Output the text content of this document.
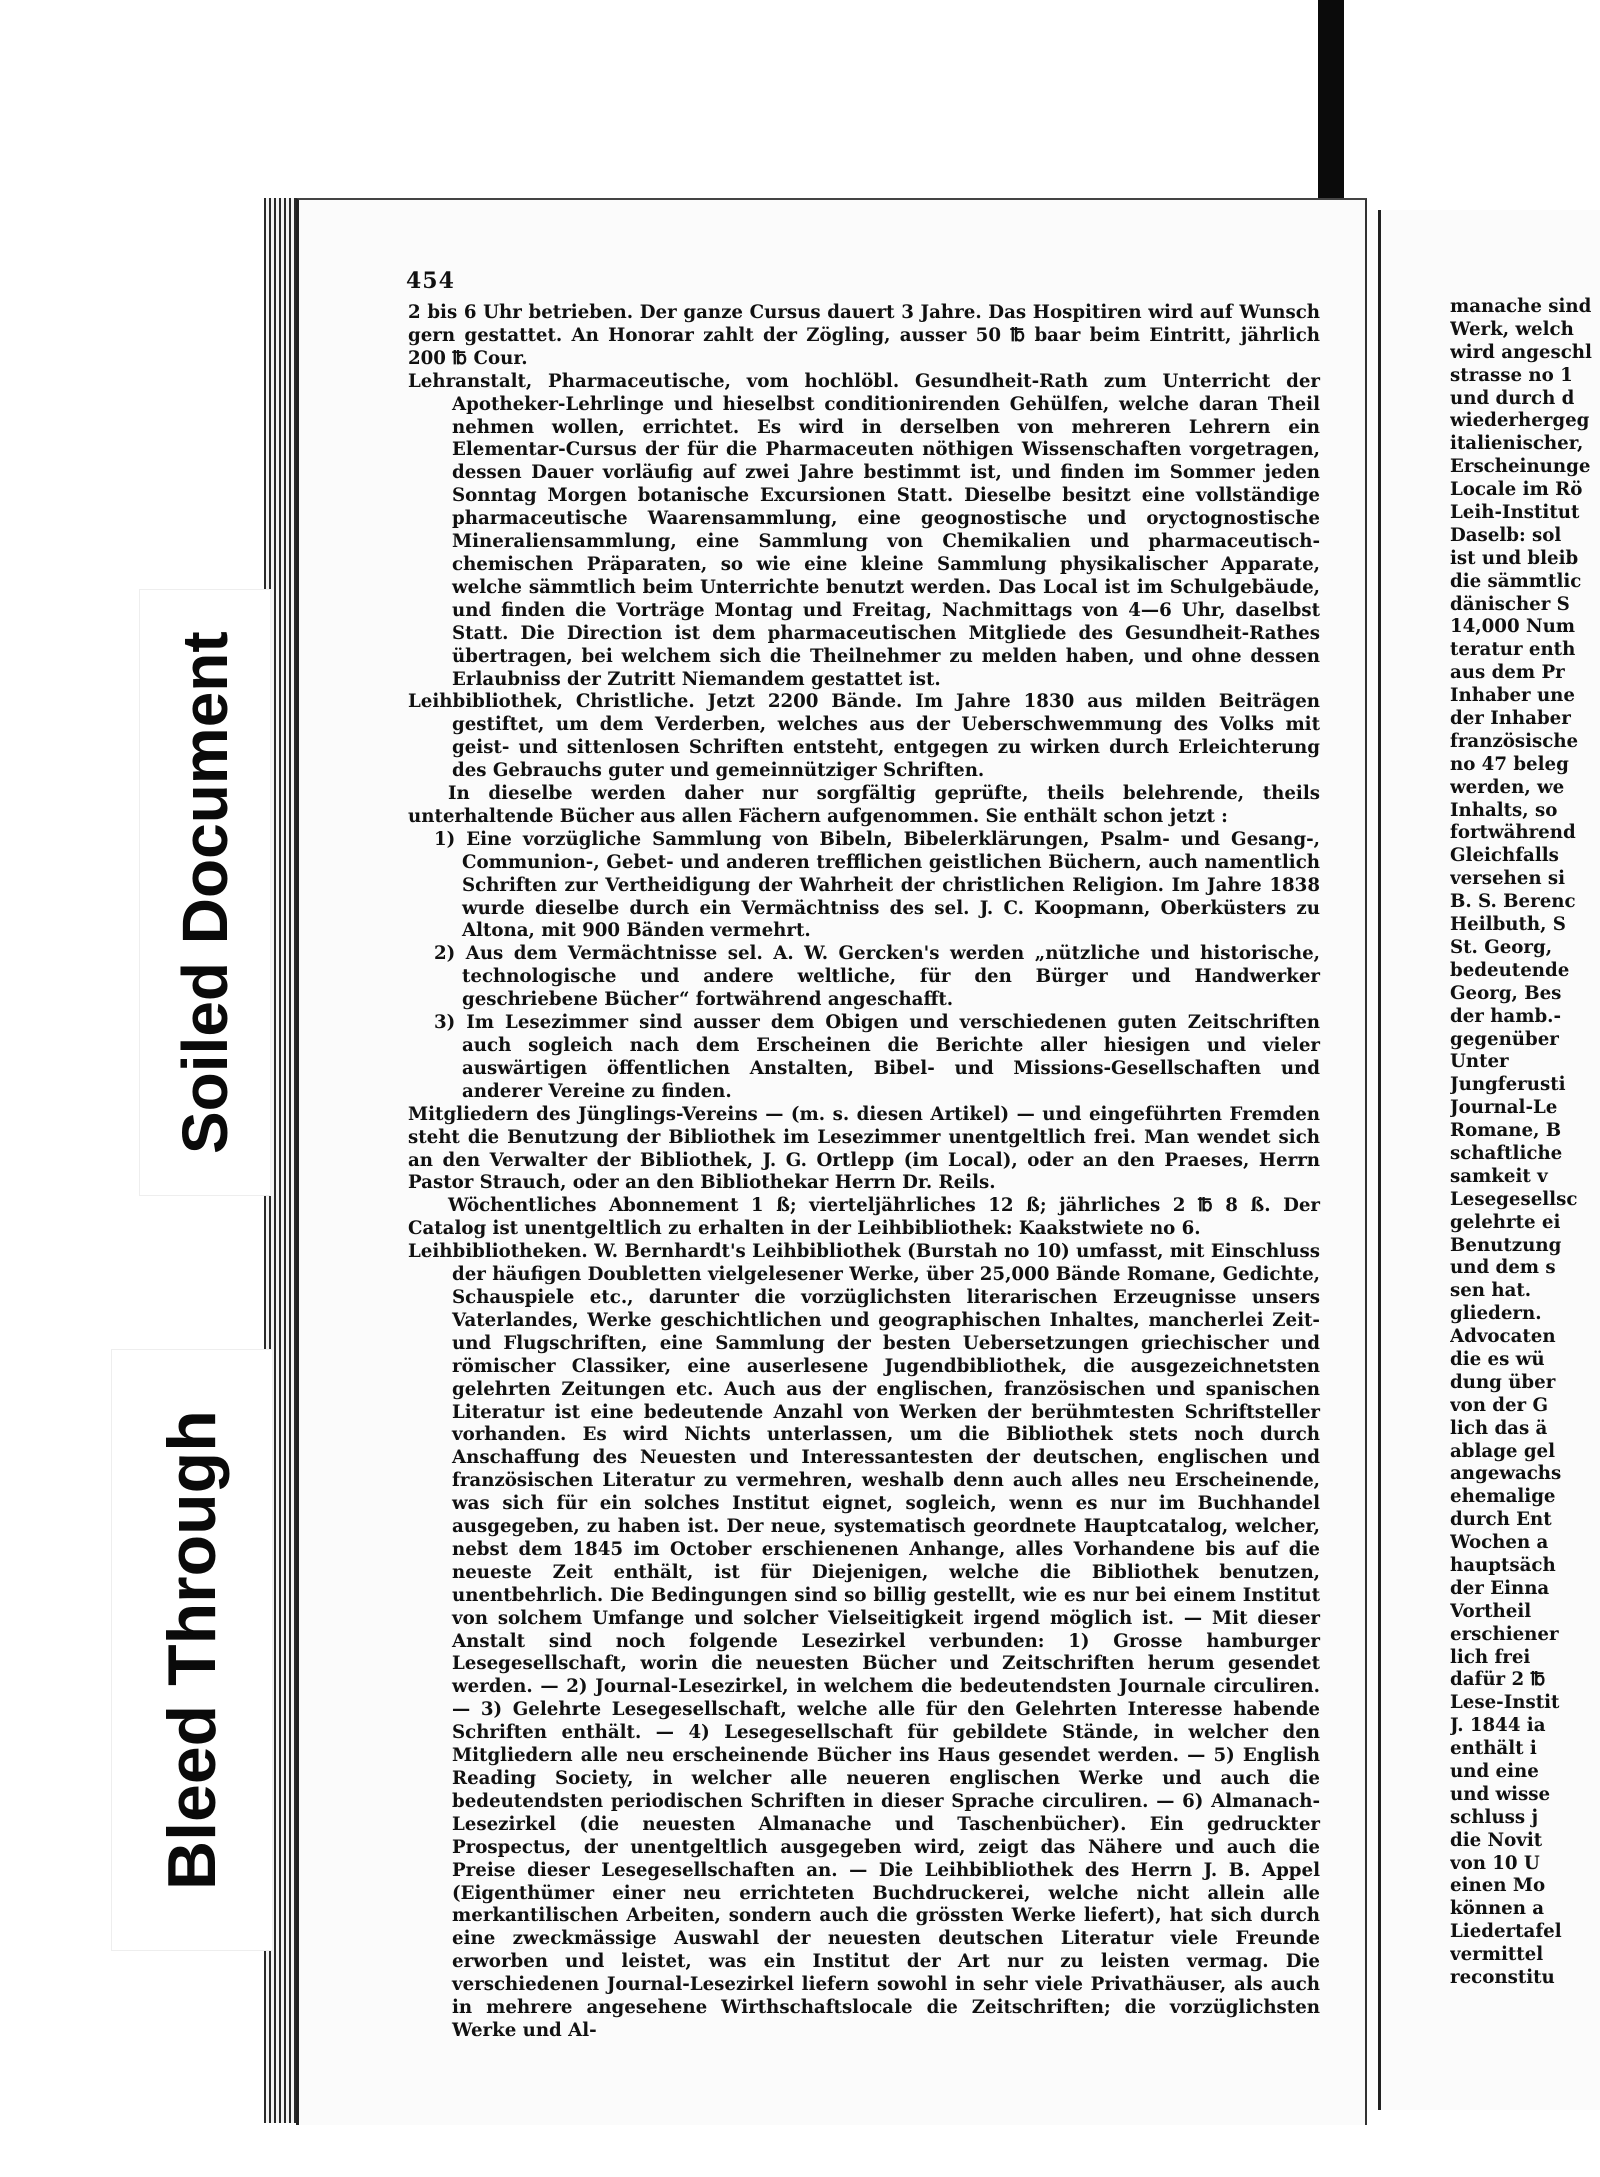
Soiled Document
Bleed Through
454

2 bis 6 Uhr betrieben. Der ganze Cursus dauert 3 Jahre. Das Hospitiren wird auf Wunsch gern gestattet. An Honorar zahlt der Zögling, ausser 50 ℔ baar beim Eintritt, jährlich 200 ℔ Cour.

Lehranstalt, Pharmaceutische, vom hochlöbl. Gesundheit-Rath zum Unterricht der Apotheker-Lehrlinge und hieselbst conditionirenden Gehülfen, welche daran Theil nehmen wollen, errichtet. Es wird in derselben von mehreren Lehrern ein Elementar-Cursus der für die Pharmaceuten nöthigen Wissenschaften vorgetragen, dessen Dauer vorläufig auf zwei Jahre bestimmt ist, und finden im Sommer jeden Sonntag Morgen botanische Excursionen Statt. Dieselbe besitzt eine vollständige pharmaceutische Waarensammlung, eine geognostische und oryctognostische Mineraliensammlung, eine Sammlung von Chemikalien und pharmaceutisch-chemischen Präparaten, so wie eine kleine Sammlung physikalischer Apparate, welche sämmtlich beim Unterrichte benutzt werden. Das Local ist im Schulgebäude, und finden die Vorträge Montag und Freitag, Nachmittags von 4—6 Uhr, daselbst Statt. Die Direction ist dem pharmaceutischen Mitgliede des Gesundheit-Rathes übertragen, bei welchem sich die Theilnehmer zu melden haben, und ohne dessen Erlaubniss der Zutritt Niemandem gestattet ist.

Leihbibliothek, Christliche. Jetzt 2200 Bände. Im Jahre 1830 aus milden Beiträgen gestiftet, um dem Verderben, welches aus der Ueberschwemmung des Volks mit geist- und sittenlosen Schriften entsteht, entgegen zu wirken durch Erleichterung des Gebrauchs guter und gemeinnütziger Schriften.

In dieselbe werden daher nur sorgfältig geprüfte, theils belehrende, theils unterhaltende Bücher aus allen Fächern aufgenommen. Sie enthält schon jetzt :

1) Eine vorzügliche Sammlung von Bibeln, Bibelerklärungen, Psalm- und Gesang-, Communion-, Gebet- und anderen trefflichen geistlichen Büchern, auch namentlich Schriften zur Vertheidigung der Wahrheit der christlichen Religion. Im Jahre 1838 wurde dieselbe durch ein Vermächtniss des sel. J. C. Koopmann, Oberküsters zu Altona, mit 900 Bänden vermehrt.

2) Aus dem Vermächtnisse sel. A. W. Gercken's werden „nützliche und historische, technologische und andere weltliche, für den Bürger und Handwerker geschriebene Bücher“ fortwährend angeschafft.

3) Im Lesezimmer sind ausser dem Obigen und verschiedenen guten Zeitschriften auch sogleich nach dem Erscheinen die Berichte aller hiesigen und vieler auswärtigen öffentlichen Anstalten, Bibel- und Missions-Gesellschaften und anderer Vereine zu finden.

Mitgliedern des Jünglings-Vereins — (m. s. diesen Artikel) — und eingeführten Fremden steht die Benutzung der Bibliothek im Lesezimmer unentgeltlich frei. Man wendet sich an den Verwalter der Bibliothek, J. G. Ortlepp (im Local), oder an den Praeses, Herrn Pastor Strauch, oder an den Bibliothekar Herrn Dr. Reils.

Wöchentliches Abonnement 1 ß; vierteljährliches 12 ß; jährliches 2 ℔ 8 ß. Der Catalog ist unentgeltlich zu erhalten in der Leihbibliothek: Kaakstwiete no 6.

Leihbibliotheken. W. Bernhardt's Leihbibliothek (Burstah no 10) umfasst, mit Einschluss der häufigen Doubletten vielgelesener Werke, über 25,000 Bände Romane, Gedichte, Schauspiele etc., darunter die vorzüglichsten literarischen Erzeugnisse unsers Vaterlandes, Werke geschichtlichen und geographischen Inhaltes, mancherlei Zeit- und Flugschriften, eine Sammlung der besten Uebersetzungen griechischer und römischer Classiker, eine auserlesene Jugendbibliothek, die ausgezeichnetsten gelehrten Zeitungen etc. Auch aus der englischen, französischen und spanischen Literatur ist eine bedeutende Anzahl von Werken der berühmtesten Schriftsteller vorhanden. Es wird Nichts unterlassen, um die Bibliothek stets noch durch Anschaffung des Neuesten und Interessantesten der deutschen, englischen und französischen Literatur zu vermehren, weshalb denn auch alles neu Erscheinende, was sich für ein solches Institut eignet, sogleich, wenn es nur im Buchhandel ausgegeben, zu haben ist. Der neue, systematisch geordnete Hauptcatalog, welcher, nebst dem 1845 im October erschienenen Anhange, alles Vorhandene bis auf die neueste Zeit enthält, ist für Diejenigen, welche die Bibliothek benutzen, unentbehrlich. Die Bedingungen sind so billig gestellt, wie es nur bei einem Institut von solchem Umfange und solcher Vielseitigkeit irgend möglich ist. — Mit dieser Anstalt sind noch folgende Lesezirkel verbunden: 1) Grosse hamburger Lesegesellschaft, worin die neuesten Bücher und Zeitschriften herum gesendet werden. — 2) Journal-Lesezirkel, in welchem die bedeutendsten Journale circuliren. — 3) Gelehrte Lesegesellschaft, welche alle für den Gelehrten Interesse habende Schriften enthält. — 4) Lesegesellschaft für gebildete Stände, in welcher den Mitgliedern alle neu erscheinende Bücher ins Haus gesendet werden. — 5) English Reading Society, in welcher alle neueren englischen Werke und auch die bedeutendsten periodischen Schriften in dieser Sprache circuliren. — 6) Almanach-Lesezirkel (die neuesten Almanache und Taschenbücher). Ein gedruckter Prospectus, der unentgeltlich ausgegeben wird, zeigt das Nähere und auch die Preise dieser Lesegesellschaften an. — Die Leihbibliothek des Herrn J. B. Appel (Eigenthümer einer neu errichteten Buchdruckerei, welche nicht allein alle merkantilischen Arbeiten, sondern auch die grössten Werke liefert), hat sich durch eine zweckmässige Auswahl der neuesten deutschen Literatur viele Freunde erworben und leistet, was ein Institut der Art nur zu leisten vermag. Die verschiedenen Journal-Lesezirkel liefern sowohl in sehr viele Privathäuser, als auch in mehrere angesehene Wirthschaftslocale die Zeitschriften; die vorzüglichsten Werke und Al-

manache sind
Werk, welch
wird angeschl
strasse no 1
und durch d
wiederhergeg
italienischer,
Erscheinunge
Locale im Rö
Leih-Institut
Daselb: sol
ist und bleib
die sämmtlic
dänischer S
14,000 Num
teratur enth
aus dem Pr
Inhaber une
der Inhaber
französische
no 47 beleg
werden, we
Inhalts, so
fortwährend
Gleichfalls
versehen si
B. S. Berenc
Heilbuth, S
St. Georg,
bedeutende
Georg, Bes
der hamb.-
gegenüber
Unter
Jungferusti
Journal-Le
Romane, B
schaftliche
samkeit v
Lesegesellsc
gelehrte ei
Benutzung
und dem s
sen hat.
gliedern.
Advocaten
die es wü
dung über
von der G
lich das ä
ablage gel
angewachs
ehemalige
durch Ent
Wochen a
hauptsäch
der Einna
Vortheil
erschiener
lich frei
dafür 2 ℔
Lese-Instit
J. 1844 ia
enthält i
und eine
und wisse
schluss j
die Novit
von 10 U
einen Mo
können a
Liedertafel
vermittel
reconstitu
